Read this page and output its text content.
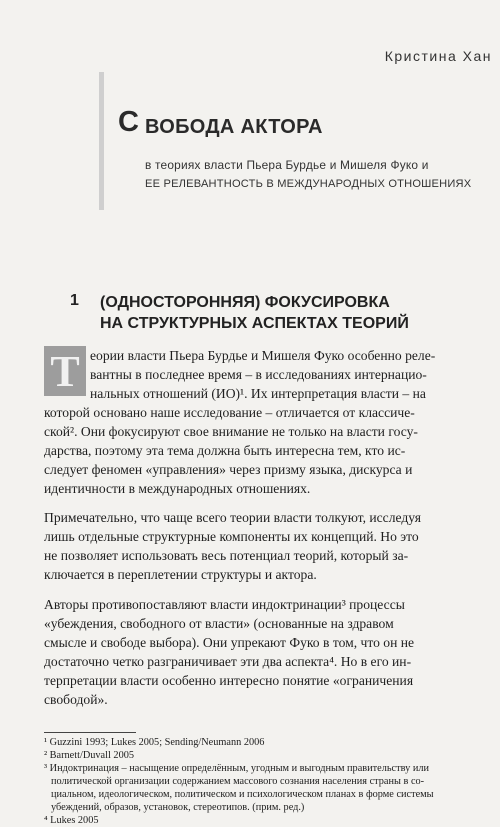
Кристина Хан
С ВОБОДА АКТОРА
в теориях власти Пьера Бурдье и Мишеля Фуко и
ЕЕ РЕЛЕВАНТНОСТЬ В МЕЖДУНАРОДНЫХ ОТНОШЕНИЯХ
1 (ОДНОСТОРОННЯЯ) ФОКУСИРОВКА
НА СТРУКТУРНЫХ АСПЕКТАХ ТЕОРИЙ
Т еории власти Пьера Бурдье и Мишеля Фуко особенно реле-
вантны в последнее время – в исследованиях интернацио-
нальных отношений (ИО)¹. Их интерпретация власти – на
которой основано наше исследование – отличается от классиче-
ской². Они фокусируют свое внимание не только на власти госу-
дарства, поэтому эта тема должна быть интересна тем, кто ис-
следует феномен «управления» через призму языка, дискурса и
идентичности в международных отношениях.
Примечательно, что чаще всего теории власти толкуют, исследуя
лишь отдельные структурные компоненты их концепций. Но это
не позволяет использовать весь потенциал теорий, который за-
ключается в переплетении структуры и актора.
Авторы противопоставляют власти индоктринации³ процессы
«убеждения, свободного от власти» (основанные на здравом
смысле и свободе выбора). Они упрекают Фуко в том, что он не
достаточно четко разграничивает эти два аспекта⁴. Но в его ин-
терпретации власти особенно интересно понятие «ограничения
свободой».
¹ Guzzini 1993; Lukes 2005; Sending/Neumann 2006
² Barnett/Duvall 2005
³ Индоктринация – насыщение определённым, угодным и выгодным правительству или
политической организации содержанием массового сознания населения страны в со-
циальном, идеологическом, политическом и психологическом планах в форме системы
убеждений, образов, установок, стереотипов. (прим. ред.)
⁴ Lukes 2005
